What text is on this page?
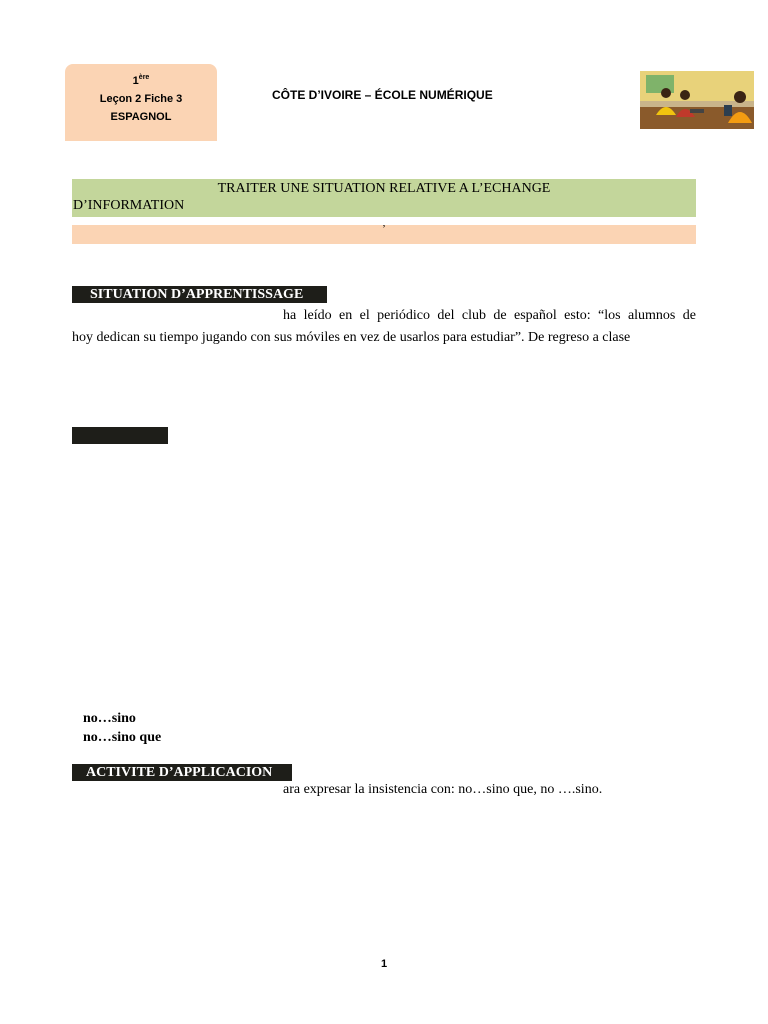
1ère
Leçon 2 Fiche 3
ESPAGNOL
CÔTE D’IVOIRE – ÉCOLE NUMÉRIQUE
TRAITER UNE SITUATION RELATIVE A L’ECHANGE
D’INFORMATION
’
SITUATION D’APPRENTISSAGE
ha leído en el periódico del club de español esto: “los alumnos de
hoy dedican su tiempo jugando con sus móviles en vez de usarlos para estudiar”. De regreso a clase
no…sino
no…sino que
ACTIVITE D’APPLICACION
ara expresar la insistencia con: no…sino que, no ….sino.
1
